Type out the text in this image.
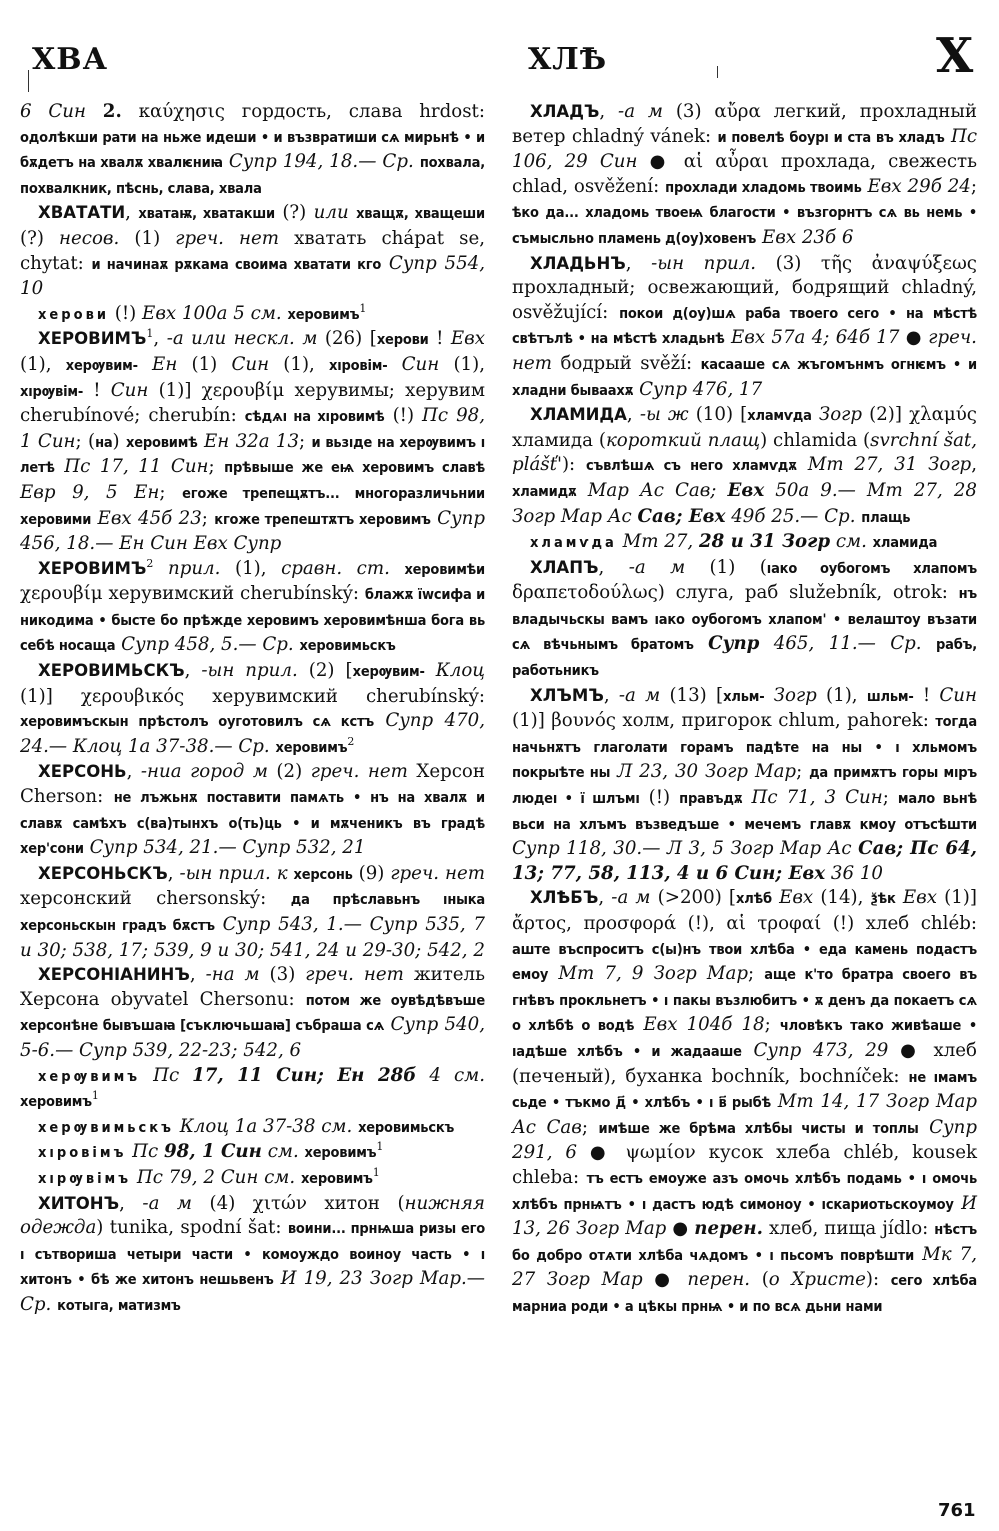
ХВА	ХЛѢ	Х

6 Син 2. καύχησις гордость, слава hrdost: одолѣкши рати на ньже идеши • и възвратиши сѧ мирьнѣ • и бѫдетъ на хвалѫ хвалѥниꙗ Супр 194, 18.— Ср. похвала, похвалкник, пѣснь, слава, хвала

ХВАТАТИ, хватаѭ, хватакши (?) или хващѫ, хващеши (?) несов. (1) греч. нет хватать chápat se, chytat: и начинаѫ рѫкама своима хватати кго Супр 554, 10

херови (!) Евх 100а 5 см. херовимъ$^1$

ХЕРОВИМЪ$^1$, -а или нескл. м (26) [херови ! Евх (1), херѹвим- Ен (1) Син (1), хıровім- Син (1), хıрѹвім- ! Син (1)] χερουβίμ херувимы; херувим cherubínové; cherubín: сѣдѧı на хıровимѣ (!) Пс 98, 1 Син; (на) херовимѣ Ен 32а 13; и вьзıде на херѹвимъ ı летѣ Пс 17, 11 Син; прѣвыше же еѩ херовимъ славѣ Евр 9, 5 Ен; егоже трепещѫтъ... многоразличьнии херовими Евх 45б 23; кгоже трепештѫтъ херовимъ Супр 456, 18.— Ен Син Евх Супр

ХЕРОВИМЪ$^2$ прил. (1), сравн. ст. херовимѣи χερουβίμ херувимский cherubínský: блажѫ їwсифа и никодима • бысте бо прѣжде херовимъ херовимѣнша бога вь себѣ носаща Супр 458, 5.— Ср. херовимьскъ

ХЕРОВИМЬСКЪ, -ын прил. (2) [херѹвим- Клоц (1)] χερουβικός херувимский cherubínský: херовимъскын прѣстолъ оуготовилъ сѧ кстъ Супр 470, 24.— Клоц 1а 37-38.— Ср. херовимъ$^2$

ХЕРСОНЬ, -ниа город м (2) греч. нет Херсон Cherson: не лъжьнѫ поставити памѧть • нъ на хвалѫ и славѫ самѣхъ с(ва)тынхъ о(ть)ць • и мѫченикъ въ градѣ хер'сони Супр 534, 21.— Супр 532, 21

ХЕРСОНЬСКЪ, -ын прил. к херсонь (9) греч. нет херсонский chersonský: да прѣславьнъ ıныка херсоньскын градъ бѫстъ Супр 543, 1.— Супр 535, 7 и 30; 538, 17; 539, 9 и 30; 541, 24 и 29-30; 542, 2

ХЕРСОНІАНИНЪ, -на м (3) греч. нет житель Херсона obyvatel Chersonu: потом же оувѣдѣвъше херсонѣне бывъшаꙗ [съключьшаꙗ] събраша сѧ Супр 540, 5-6.— Супр 539, 22-23; 542, 6

херѹвимъ Пс 17, 11 Син; Ен 28б 4 см. херовимъ$^1$

херѹвимьскъ Клоц 1а 37-38 см. херовимьскъ

хıровімъ Пс 98, 1 Син см. херовимъ$^1$

хıрѹвімъ Пс 79, 2 Син см. херовимъ$^1$

ХИТОНЪ, -а м (4) χιτών хитон (нижняя одежда) tunika, spodní šat: воини... прнѩша ризы его ı сътвориша четыри части • комоуждо воиноу часть • ı хитонъ • бѣ же хитонъ нешьвенъ И 19, 23 Зогр Мар.— Ср. котыга, матизмъ

ХЛАДЪ, -а м (3) αὔρα легкий, прохладный ветер chladný vánek: и повелѣ боурı и ста въ хладъ Пс 106, 29 Син ● αἱ αὖραι прохлада, свежесть chlad, osvěžení: прохлади хладомь твоимь Евх 29б 24; ѣко да... хладомь твоеѩ благости • възгорнтъ сѧ вь немь • съмысльно пламень д(оу)ховенъ Евх 23б 6

ХЛАДЬНЪ, -ын прил. (3) τῆς ἀναψύξεως прохладный; освежающий, бодрящий chladný, osvěžující: покои д(оу)шѧ раба твоего сего • на мѣстѣ свѣтълѣ • на мѣстѣ хладьнѣ Евх 57а 4; 64б 17 ● греч. нет бодрый svěží: касааше сѧ жъгомънмъ огнѥмъ • и хладни бываахѫ Супр 476, 17

ХЛАМИДА, -ы ж (10) [хламѵда Зогр (2)] χλαμύς хламида (короткий плащ) chlamida (svrchní šat, plášť'): съвлѣшѧ съ него хламѵдѫ Мт 27, 31 Зогр, хламидѫ Мар Ас Сав; Евх 50а 9.— Мт 27, 28 Зогр Мар Ас Сав; Евх 49б 25.— Ср. плащь

хламѵда Мт 27, 28 и 31 Зогр см. хламида

ХЛАПЪ, -а м (1) (ıако оубогомъ хлапомъ δραπετοδούλως) слуга, раб služebník, otrok: нъ владычьскы вамъ ıако оубогомъ хлапом' • велаштоу възати сѧ вѣчьнымъ братомъ Супр 465, 11.— Ср. рабъ, работьникъ

ХЛЪМЪ, -а м (13) [хльм- Зогр (1), шльм- ! Син (1)] βουνός холм, пригорок chlum, pahorek: тогда начьнѫтъ глаголати горамъ падѣте на ны • ı хльмомъ покрыѣте ны Л 23, 30 Зогр Мар; да примѫтъ горы мıръ людеı • ї шлъмı (!) правъдѫ Пс 71, 3 Син; мало вьнѣ вьси на хлъмъ възведъше • мечемъ главѫ кмоу отъсѣшти Супр 118, 30.— Л 3, 5 Зогр Мар Ас Сав; Пс 64, 13; 77, 58, 113, 4 и 6 Син; Евх 36 10

ХЛѢБЪ, -а м (>200) [хлѣб Евх (14), ѯѣк Евх (1)] ἄρτος, προσφορά (!), αἱ τροφαί (!) хлеб chléb: аште въспроситъ с(ы)нъ твои хлѣба • еда камень подастъ емоу Мт 7, 9 Зогр Мар; аще к'то братра своего въ гнѣвъ прокльнетъ • ı пакы възлюбитъ • ѫ денъ да покаетъ сѧ о хлѣбѣ о водѣ Евх 104б 18; чловѣкъ тако живѣаше • ıадѣше хлѣбъ • и жадааше Супр 473, 29 ● хлеб (печеный), буханка bochník, bochníček: не ıмамъ сьде • тъкмо д҃ • хлѣбъ • ı в҃ рыбѣ Мт 14, 17 Зогр Мар Ас Сав; имѣше же брѣма хлѣбы чисты и топлы Супр 291, 6 ● ψωμίον кусок хлеба chléb, kousek chleba: тъ естъ емоуже азъ омочь хлѣбъ подамь • ı омочь хлѣбъ прнѩтъ • ı дастъ юдѣ симоноу • ıскариотьскоумоу И 13, 26 Зогр Мар ● перен. хлеб, пища jídlo: нѣстъ бо добро отѧти хлѣба чѧдомъ • ı пьсомъ поврѣшти Мк 7, 27 Зогр Мар ● перен. (о Христе): сего хлѣба марниа роди • а цѣкы прнѩ • и по всѧ дьни нами

761
